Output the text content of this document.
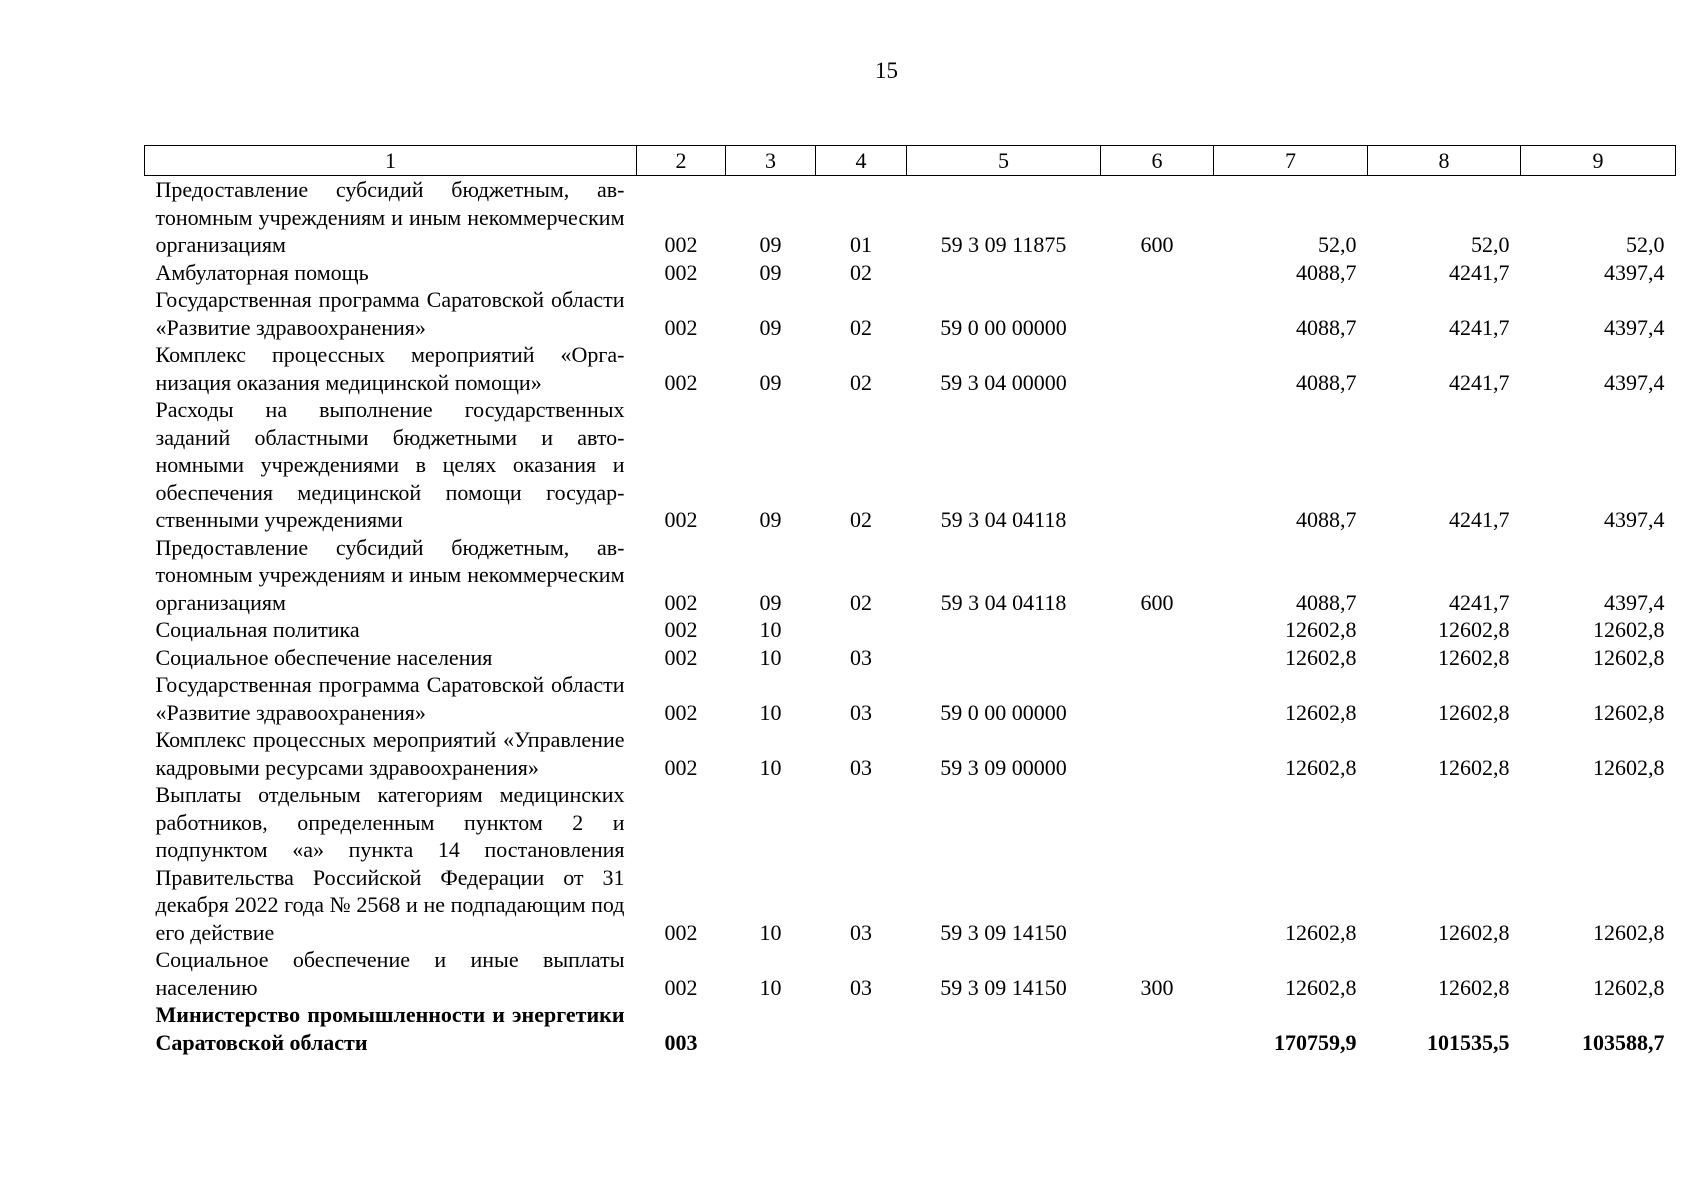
15
1	2	3	4	5	6	7	8	9
Предоставление субсидий бюджетным, автономным учреждениям и иным некоммерческим организациям	002	09	01	59 3 09 11875	600	52,0	52,0	52,0
Амбулаторная помощь	002	09	02			4088,7	4241,7	4397,4
Государственная программа Саратовской области «Развитие здравоохранения»	002	09	02	59 0 00 00000		4088,7	4241,7	4397,4
Комплекс процессных мероприятий «Организация оказания медицинской помощи»	002	09	02	59 3 04 00000		4088,7	4241,7	4397,4
Расходы на выполнение государственных заданий областными бюджетными и автономными учреждениями в целях оказания и обеспечения медицинской помощи государственными учреждениями	002	09	02	59 3 04 04118		4088,7	4241,7	4397,4
Предоставление субсидий бюджетным, автономным учреждениям и иным некоммерческим организациям	002	09	02	59 3 04 04118	600	4088,7	4241,7	4397,4
Социальная политика	002	10				12602,8	12602,8	12602,8
Социальное обеспечение населения	002	10	03			12602,8	12602,8	12602,8
Государственная программа Саратовской области «Развитие здравоохранения»	002	10	03	59 0 00 00000		12602,8	12602,8	12602,8
Комплекс процессных мероприятий «Управление кадровыми ресурсами здравоохранения»	002	10	03	59 3 09 00000		12602,8	12602,8	12602,8
Выплаты отдельным категориям медицинских работников, определенным пунктом 2 и подпунктом «а» пункта 14 постановления Правительства Российской Федерации от 31 декабря 2022 года № 2568 и не подпадающим под его действие	002	10	03	59 3 09 14150		12602,8	12602,8	12602,8
Социальное обеспечение и иные выплаты населению	002	10	03	59 3 09 14150	300	12602,8	12602,8	12602,8
Министерство промышленности и энергетики Саратовской области	003					170759,9	101535,5	103588,7
